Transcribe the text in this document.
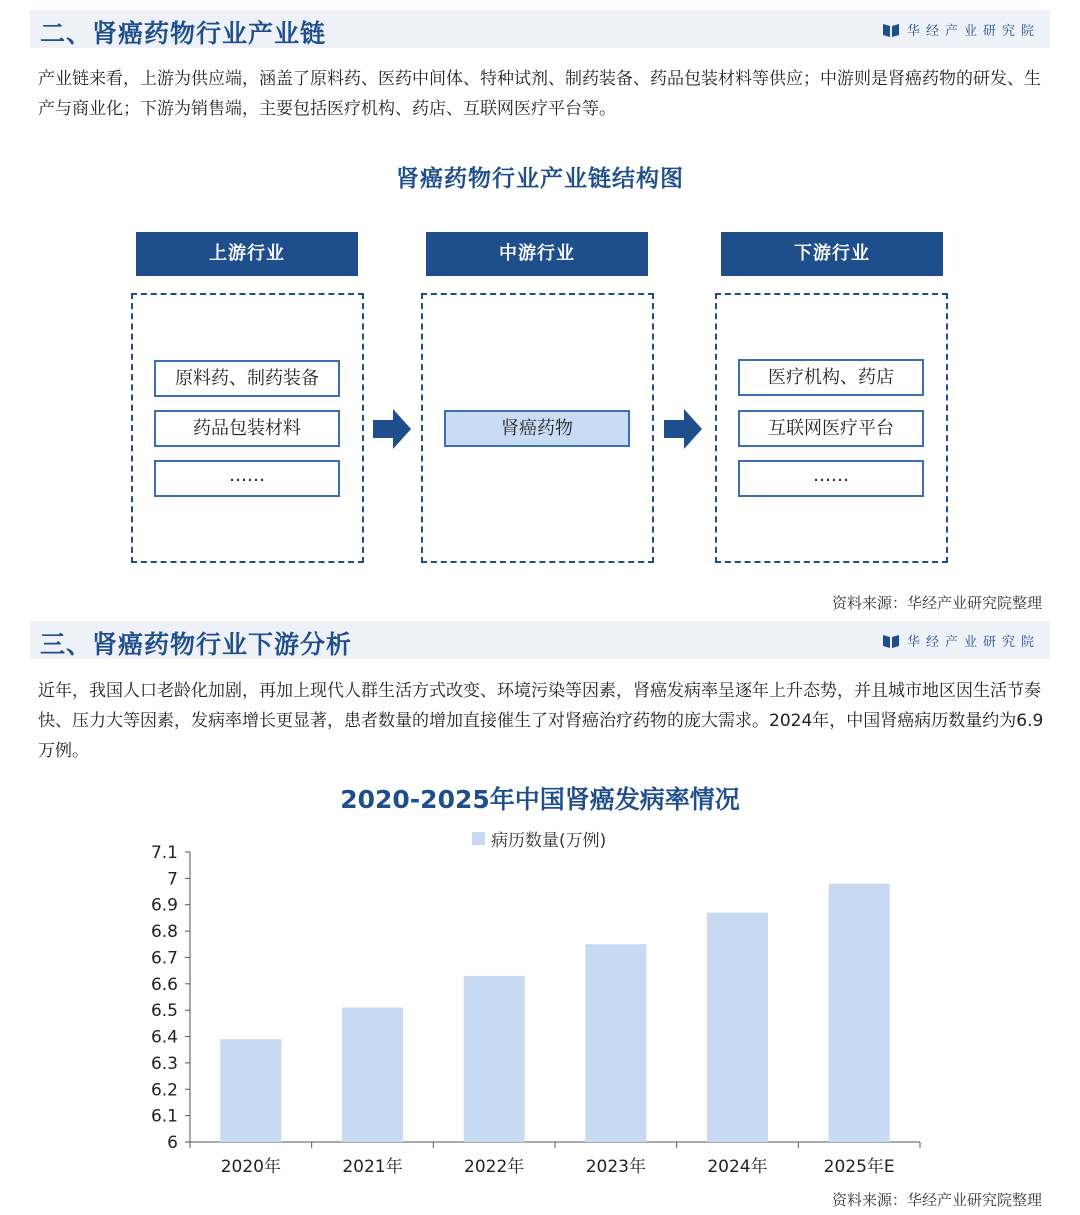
二、肾癌药物行业产业链	华经产业研究院
产业链来看，上游为供应端，涵盖了原料药、医药中间体、特种试剂、制药装备、药品包装材料等供应；中游则是肾癌药物的研发、生产与商业化；下游为销售端，主要包括医疗机构、药店、互联网医疗平台等。
肾癌药物行业产业链结构图
上游行业
原料药、制药装备
药品包装材料
……
中游行业
肾癌药物
下游行业
医疗机构、药店
互联网医疗平台
……
资料来源：华经产业研究院整理
三、肾癌药物行业下游分析	华经产业研究院
近年，我国人口老龄化加剧，再加上现代人群生活方式改变、环境污染等因素，肾癌发病率呈逐年上升态势，并且城市地区因生活节奏快、压力大等因素，发病率增长更显著，患者数量的增加直接催生了对肾癌治疗药物的庞大需求。2024年，中国肾癌病历数量约为6.9万例。
2020-2025年中国肾癌发病率情况
病历数量(万例)
6
6.1
6.2
6.3
6.4
6.5
6.6
6.7
6.8
6.9
7
7.1
2020年	2021年	2022年	2023年	2024年	2025年E
资料来源：华经产业研究院整理
